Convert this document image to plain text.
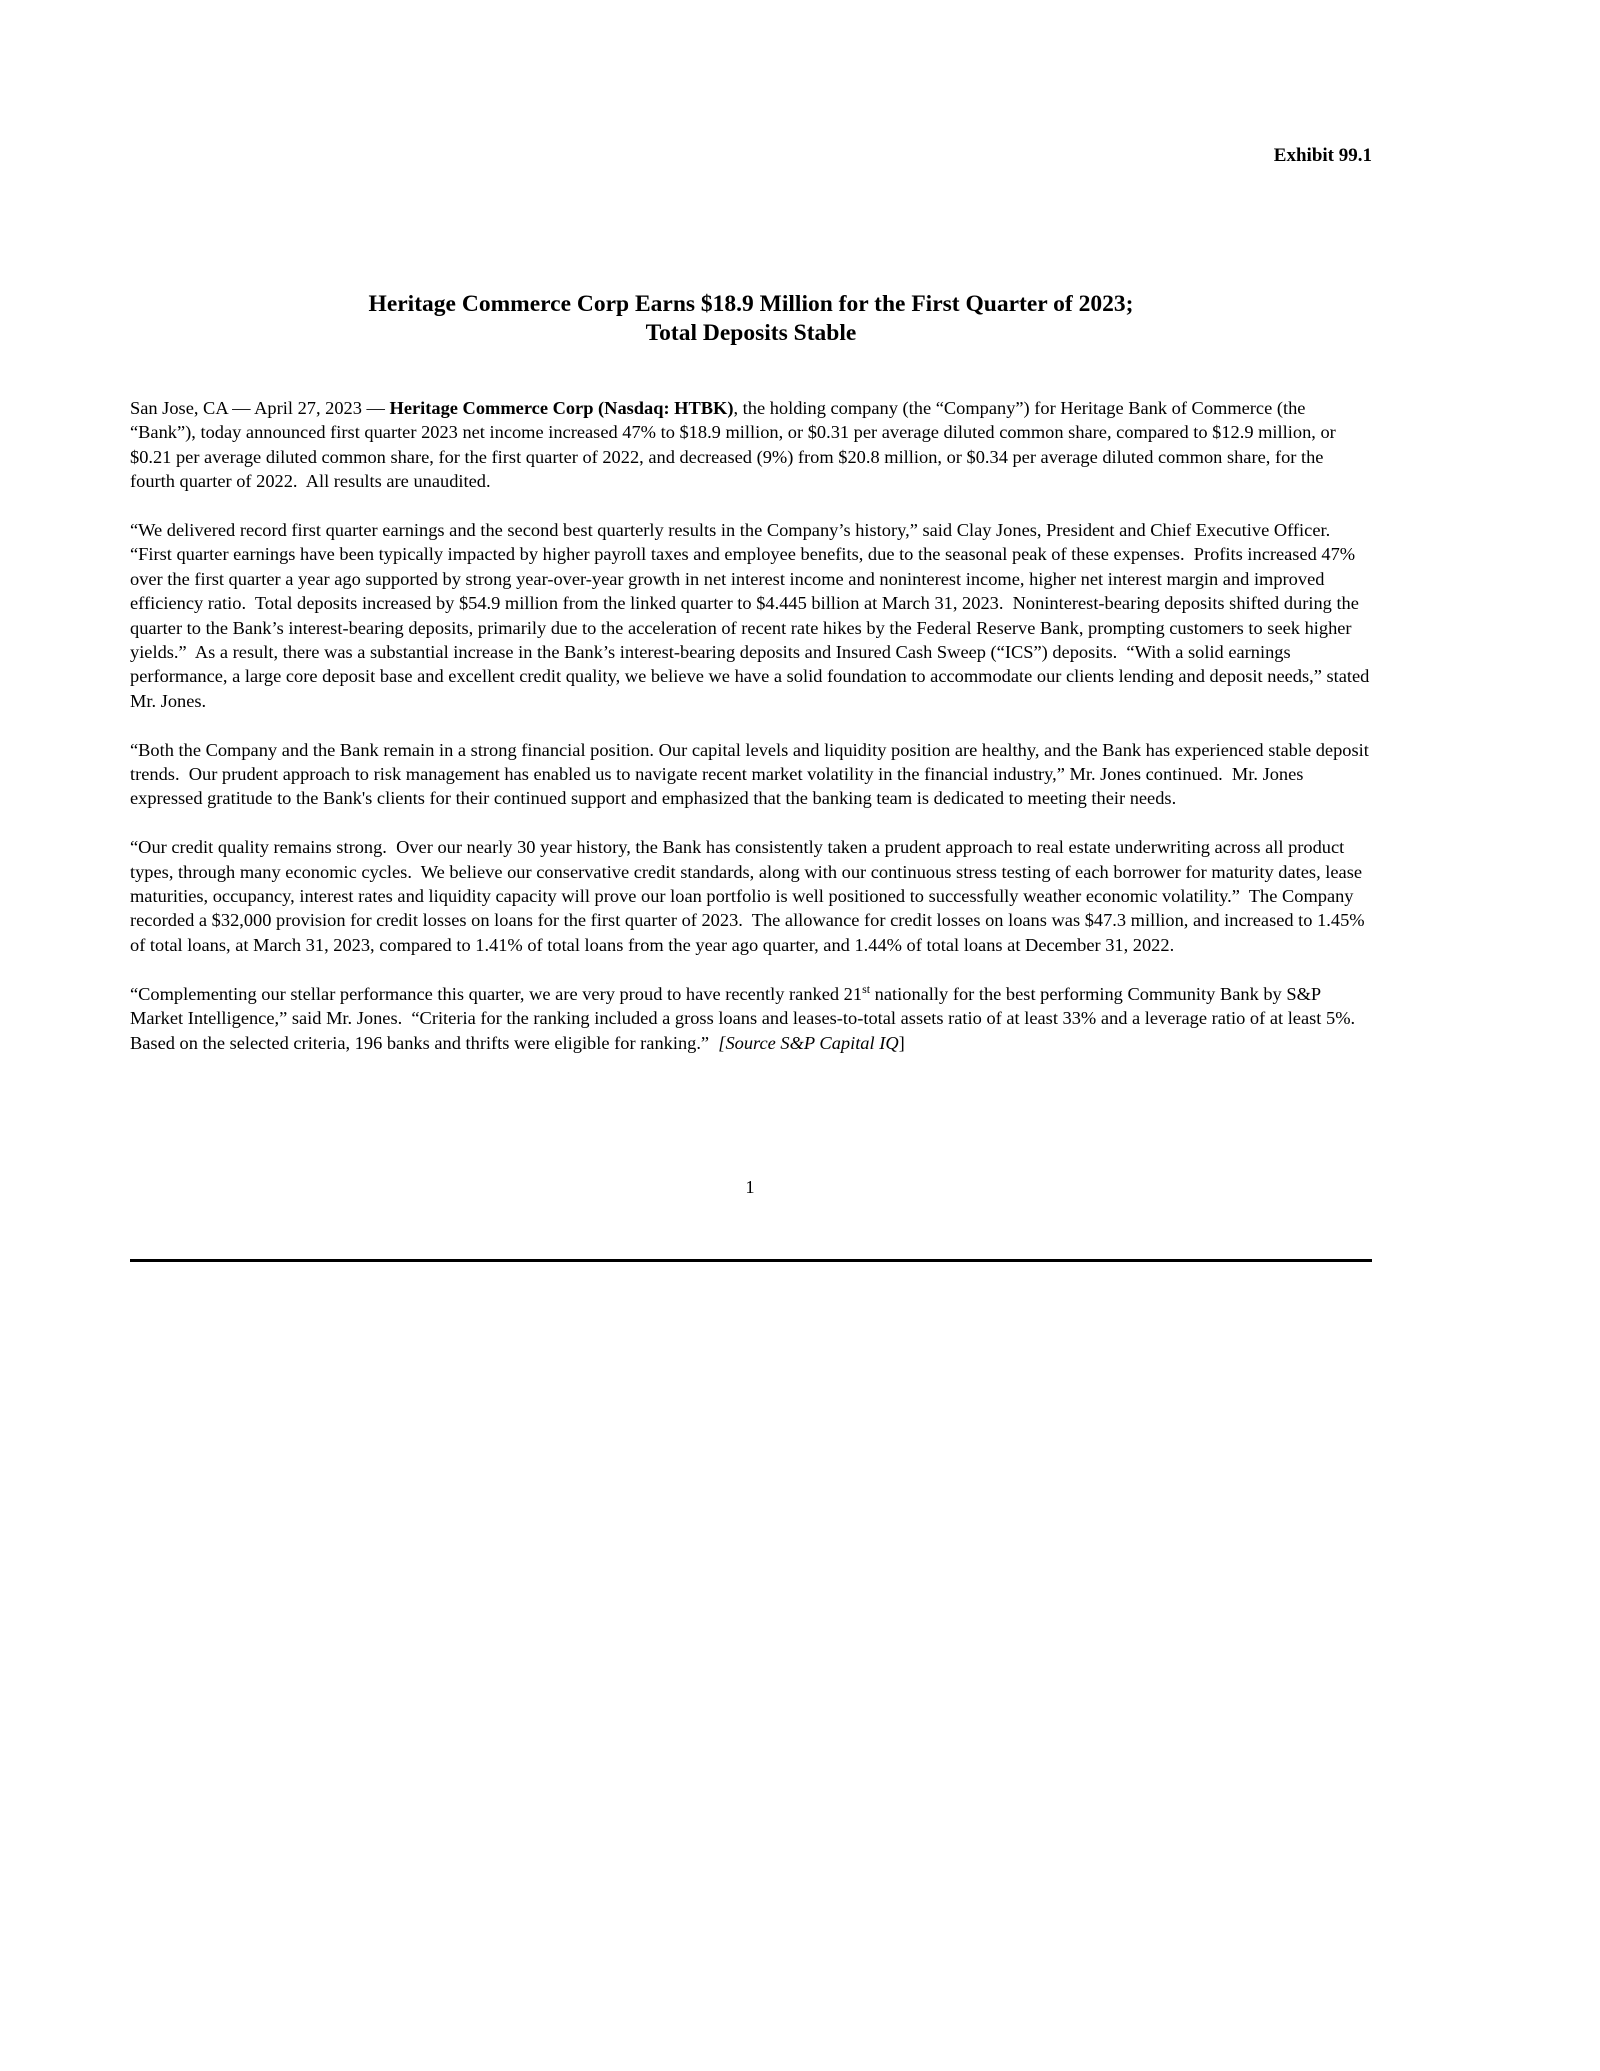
Exhibit 99.1
Heritage Commerce Corp Earns $18.9 Million for the First Quarter of 2023;
Total Deposits Stable

San Jose, CA — April 27, 2023 — Heritage Commerce Corp (Nasdaq: HTBK), the holding company (the “Company”) for Heritage Bank of Commerce (the “Bank”), today announced first quarter 2023 net income increased 47% to $18.9 million, or $0.31 per average diluted common share, compared to $12.9 million, or $0.21 per average diluted common share, for the first quarter of 2022, and decreased (9%) from $20.8 million, or $0.34 per average diluted common share, for the fourth quarter of 2022.  All results are unaudited.

“We delivered record first quarter earnings and the second best quarterly results in the Company’s history,” said Clay Jones, President and Chief Executive Officer.  “First quarter earnings have been typically impacted by higher payroll taxes and employee benefits, due to the seasonal peak of these expenses.  Profits increased 47% over the first quarter a year ago supported by strong year-over-year growth in net interest income and noninterest income, higher net interest margin and improved efficiency ratio.  Total deposits increased by $54.9 million from the linked quarter to $4.445 billion at March 31, 2023.  Noninterest-bearing deposits shifted during the quarter to the Bank’s interest-bearing deposits, primarily due to the acceleration of recent rate hikes by the Federal Reserve Bank, prompting customers to seek higher yields.”  As a result, there was a substantial increase in the Bank’s interest-bearing deposits and Insured Cash Sweep (“ICS”) deposits.  “With a solid earnings performance, a large core deposit base and excellent credit quality, we believe we have a solid foundation to accommodate our clients lending and deposit needs,” stated Mr. Jones.

“Both the Company and the Bank remain in a strong financial position. Our capital levels and liquidity position are healthy, and the Bank has experienced stable deposit trends.  Our prudent approach to risk management has enabled us to navigate recent market volatility in the financial industry,” Mr. Jones continued.  Mr. Jones expressed gratitude to the Bank's clients for their continued support and emphasized that the banking team is dedicated to meeting their needs.

“Our credit quality remains strong.  Over our nearly 30 year history, the Bank has consistently taken a prudent approach to real estate underwriting across all product types, through many economic cycles.  We believe our conservative credit standards, along with our continuous stress testing of each borrower for maturity dates, lease maturities, occupancy, interest rates and liquidity capacity will prove our loan portfolio is well positioned to successfully weather economic volatility.”  The Company recorded a $32,000 provision for credit losses on loans for the first quarter of 2023.  The allowance for credit losses on loans was $47.3 million, and increased to 1.45% of total loans, at March 31, 2023, compared to 1.41% of total loans from the year ago quarter, and 1.44% of total loans at December 31, 2022.

“Complementing our stellar performance this quarter, we are very proud to have recently ranked 21st nationally for the best performing Community Bank by S&P Market Intelligence,” said Mr. Jones.  “Criteria for the ranking included a gross loans and leases-to-total assets ratio of at least 33% and a leverage ratio of at least 5%.  Based on the selected criteria, 196 banks and thrifts were eligible for ranking.”  [Source S&P Capital IQ]

1
